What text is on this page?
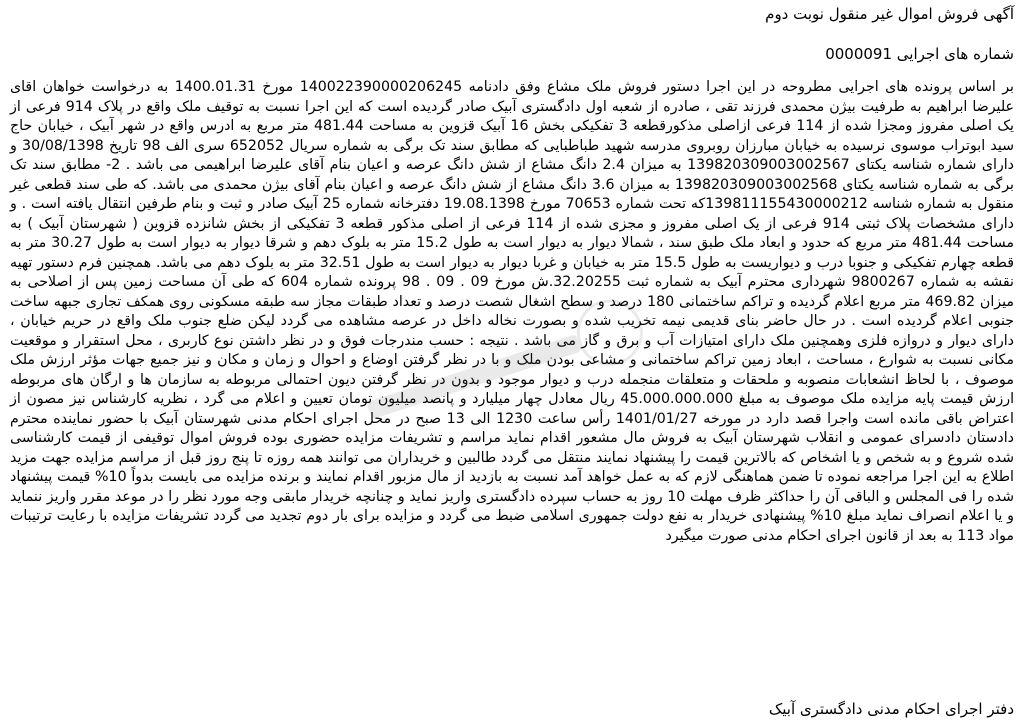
آگهی فروش اموال غیر منقول نوبت دوم
شماره های اجرایی 0000091

بر اساس پرونده های اجرایی مطروحه در این اجرا دستور فروش ملک مشاع وفق دادنامه 140022390000206245 مورخ 1400.01.31 به درخواست خواهان اقای علیرضا ابراهیم به طرفیت بیژن محمدی فرزند تقی ، صادره از شعبه اول دادگستری آبیک صادر گردیده است که این اجرا نسبت به توقیف ملک واقع در پلاک 914 فرعی از یک اصلی مفروز ومجزا شده از 114 فرعی ازاصلی مذکورقطعه 3 تفکیکی بخش 16 آبیک قزوین به مساحت 481.44 متر مربع به ادرس واقع در شهر آبیک ، خیابان حاج سید ابوتراب موسوی نرسیده به خیابان مبارزان روبروی مدرسه شهید طباطبایی که مطابق سند تک برگی به شماره سریال 652052 سری الف 98 تاریخ 30/08/1398 و دارای شماره شناسه یکتای 13982030900300256​7 به میزان 2.4 دانگ مشاع از شش دانگ عرصه و اعیان بنام آقای علیرضا ابراهیمی می باشد . 2- مطابق سند تک برگی به شماره شناسه یکتای 139820309003002568 به میزان 3.6 دانگ مشاع از شش دانگ عرصه و اعیان بنام آقای بیژن محمدی می باشد. که طی سند قطعی غیر منقول به شماره شناسه 13981115543000021​2که تحت شماره 70653 مورخ 19.08.1398 دفترخانه شماره 25 آبیک صادر و ثبت و بنام طرفین انتقال یافته است . و دارای مشخصات پلاک ثبتی 914 فرعی از یک اصلی مفروز و مجزی شده از 114 فرعی از اصلی مذکور قطعه 3 تفکیکی از بخش شانزده قزوین ( شهرستان آبیک ) به مساحت 481.44 متر مربع که حدود و ابعاد ملک طبق سند ، شمالا دیوار به دیوار است به طول 15.2 متر به بلوک دهم و شرقا دیوار به دیوار است به طول 30.27 متر به قطعه چهارم تفکیکی و جنوبا درب و دیواریست به طول 15.5 متر به خیابان و غربا دیوار به دیوار است به طول 32.51 متر به بلوک دهم می باشد. همچنین فرم دستور تهیه نقشه به شماره 9800267 شهرداری محترم آبیک به شماره ثبت 32.20255.ش مورخ 09 . 09 . 98 پرونده شماره 604 که طی آن مساحت زمین پس از اصلاحی به میزان 469.82 متر مربع اعلام گردیده و تراکم ساختمانی 180 درصد و سطح اشغال شصت درصد و تعداد طبقات مجاز سه طبقه مسکونی روی همکف تجاری جبهه ساخت جنوبی اعلام گردیده است . در حال حاضر بنای قدیمی نیمه تخریب شده و بصورت نخاله داخل در عرصه مشاهده می گردد لیکن ضلع جنوب ملک واقع در حریم خیابان ، دارای دیوار و دروازه فلزی وهمچنین ملک دارای امتیازات آب و برق و گاز می باشد . نتیجه : حسب مندرجات فوق و در نظر داشتن نوع کاربری ، محل استقرار و موقعیت مکانی نسبت به شوارع ، مساحت ، ابعاد زمین تراکم ساختمانی و مشاعی بودن ملک و با در نظر گرفتن اوضاع و احوال و زمان و مکان و نیز جمیع جهات مؤثر ارزش ملک موصوف ، با لحاظ انشعابات منصوبه و ملحقات و متعلقات منجمله درب و دیوار موجود و بدون در نظر گرفتن دیون احتمالی مربوطه به سازمان ها و ارگان های مربوطه ارزش قیمت پایه مزایده ملک موصوف به مبلغ 45.000.000.000 ریال معادل چهار میلیارد و پانصد میلیون تومان تعیین و اعلام می گرد ، نظریه کارشناس نیز مصون از اعتراض باقی مانده است واجرا قصد دارد در مورخه 1401/01/27 رأس ساعت 1230 الی 13 صبح در محل اجرای احکام مدنی شهرستان آبیک با حضور نماینده محترم دادستان دادسرای عمومی و انقلاب شهرستان آبیک به فروش مال مشعور اقدام نماید مراسم و تشریفات مزایده حضوری بوده فروش اموال توقیفی از قیمت کارشناسی شده شروع و به شخص و یا اشخاص که بالاترین قیمت را پیشنهاد نمایند منتقل می گردد طالبین و خریداران می توانند همه روزه تا پنج روز قبل از مراسم مزایده جهت مزید اطلاع به این اجرا مراجعه نموده تا ضمن هماهنگی لازم که به عمل خواهد آمد نسبت به بازدید از مال مزبور اقدام نمایند و برنده مزایده می بایست بدواً 10% قیمت پیشنهاد شده را فی المجلس و الباقی آن را حداکثر ظرف مهلت 10 روز به حساب سپرده دادگستری واریز نماید و چنانچه خریدار مابقی وجه مورد نظر را در موعد مقرر واریز ننماید و یا اعلام انصراف نماید مبلغ 10% پیشنهادی خریدار به نفع دولت جمهوری اسلامی ضبط می گردد و مزایده برای بار دوم تجدید می گردد تشریفات مزایده با رعایت ترتیبات مواد 113 به بعد از قانون اجرای احکام مدنی صورت میگیرد

دفتر اجرای احکام مدنی دادگستری آبیک
